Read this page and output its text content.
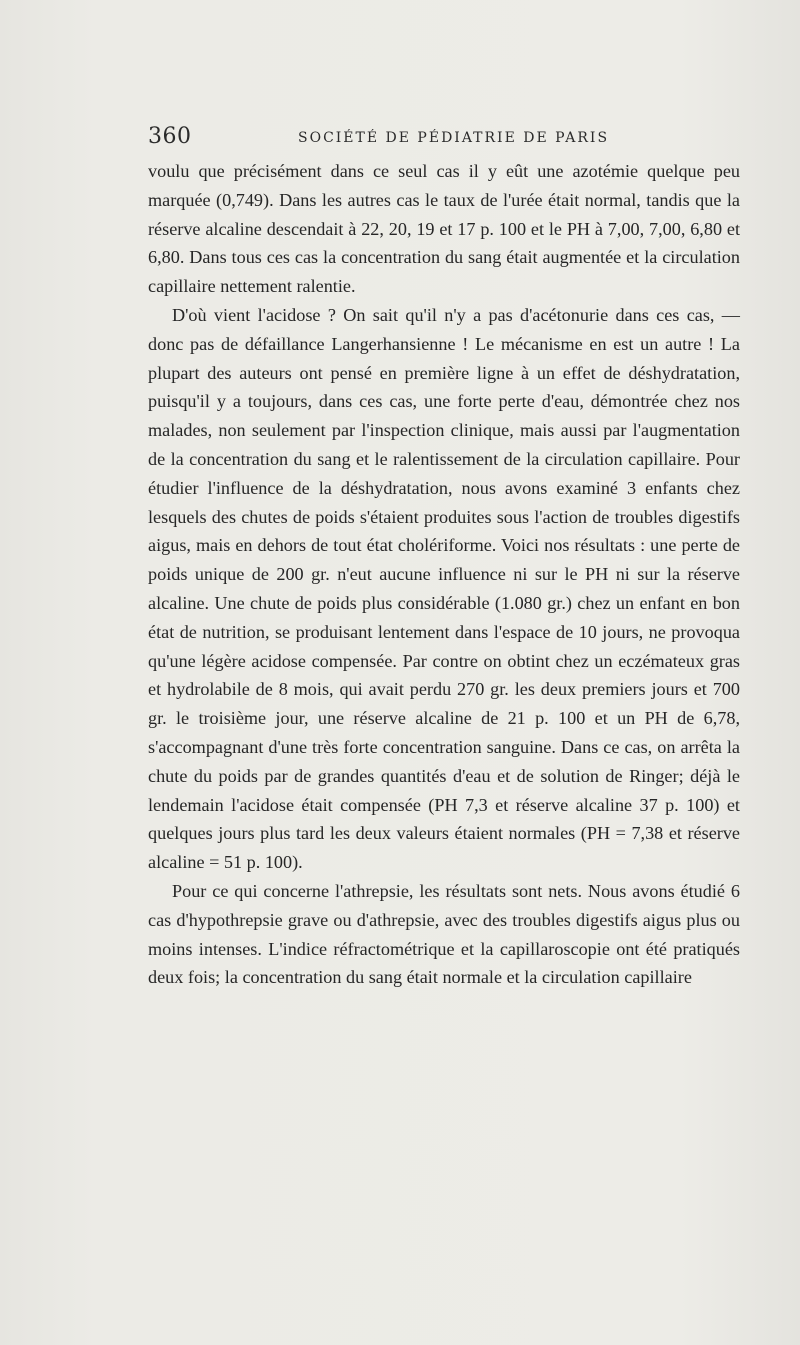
360	SOCIÉTÉ DE PÉDIATRIE DE PARIS

voulu que précisément dans ce seul cas il y eût une azotémie quelque peu marquée (0,749). Dans les autres cas le taux de l'urée était normal, tandis que la réserve alcaline descendait à 22, 20, 19 et 17 p. 100 et le PH à 7,00, 7,00, 6,80 et 6,80. Dans tous ces cas la concentration du sang était augmentée et la circulation capillaire nettement ralentie.

D'où vient l'acidose ? On sait qu'il n'y a pas d'acétonurie dans ces cas, — donc pas de défaillance Langerhansienne ! Le mécanisme en est un autre ! La plupart des auteurs ont pensé en première ligne à un effet de déshydratation, puisqu'il y a toujours, dans ces cas, une forte perte d'eau, démontrée chez nos malades, non seulement par l'inspection clinique, mais aussi par l'augmentation de la concentration du sang et le ralentissement de la circulation capillaire. Pour étudier l'influence de la déshydratation, nous avons examiné 3 enfants chez lesquels des chutes de poids s'étaient produites sous l'action de troubles digestifs aigus, mais en dehors de tout état cholériforme. Voici nos résultats : une perte de poids unique de 200 gr. n'eut aucune influence ni sur le PH ni sur la réserve alcaline. Une chute de poids plus considérable (1.080 gr.) chez un enfant en bon état de nutrition, se produisant lentement dans l'espace de 10 jours, ne provoqua qu'une légère acidose compensée. Par contre on obtint chez un eczémateux gras et hydrolabile de 8 mois, qui avait perdu 270 gr. les deux premiers jours et 700 gr. le troisième jour, une réserve alcaline de 21 p. 100 et un PH de 6,78, s'accompagnant d'une très forte concentration sanguine. Dans ce cas, on arrêta la chute du poids par de grandes quantités d'eau et de solution de Ringer; déjà le lendemain l'acidose était compensée (PH 7,3 et réserve alcaline 37 p. 100) et quelques jours plus tard les deux valeurs étaient normales (PH = 7,38 et réserve alcaline = 51 p. 100).

Pour ce qui concerne l'athrepsie, les résultats sont nets. Nous avons étudié 6 cas d'hypothrepsie grave ou d'athrepsie, avec des troubles digestifs aigus plus ou moins intenses. L'indice réfractométrique et la capillaroscopie ont été pratiqués deux fois; la concentration du sang était normale et la circulation capillaire
